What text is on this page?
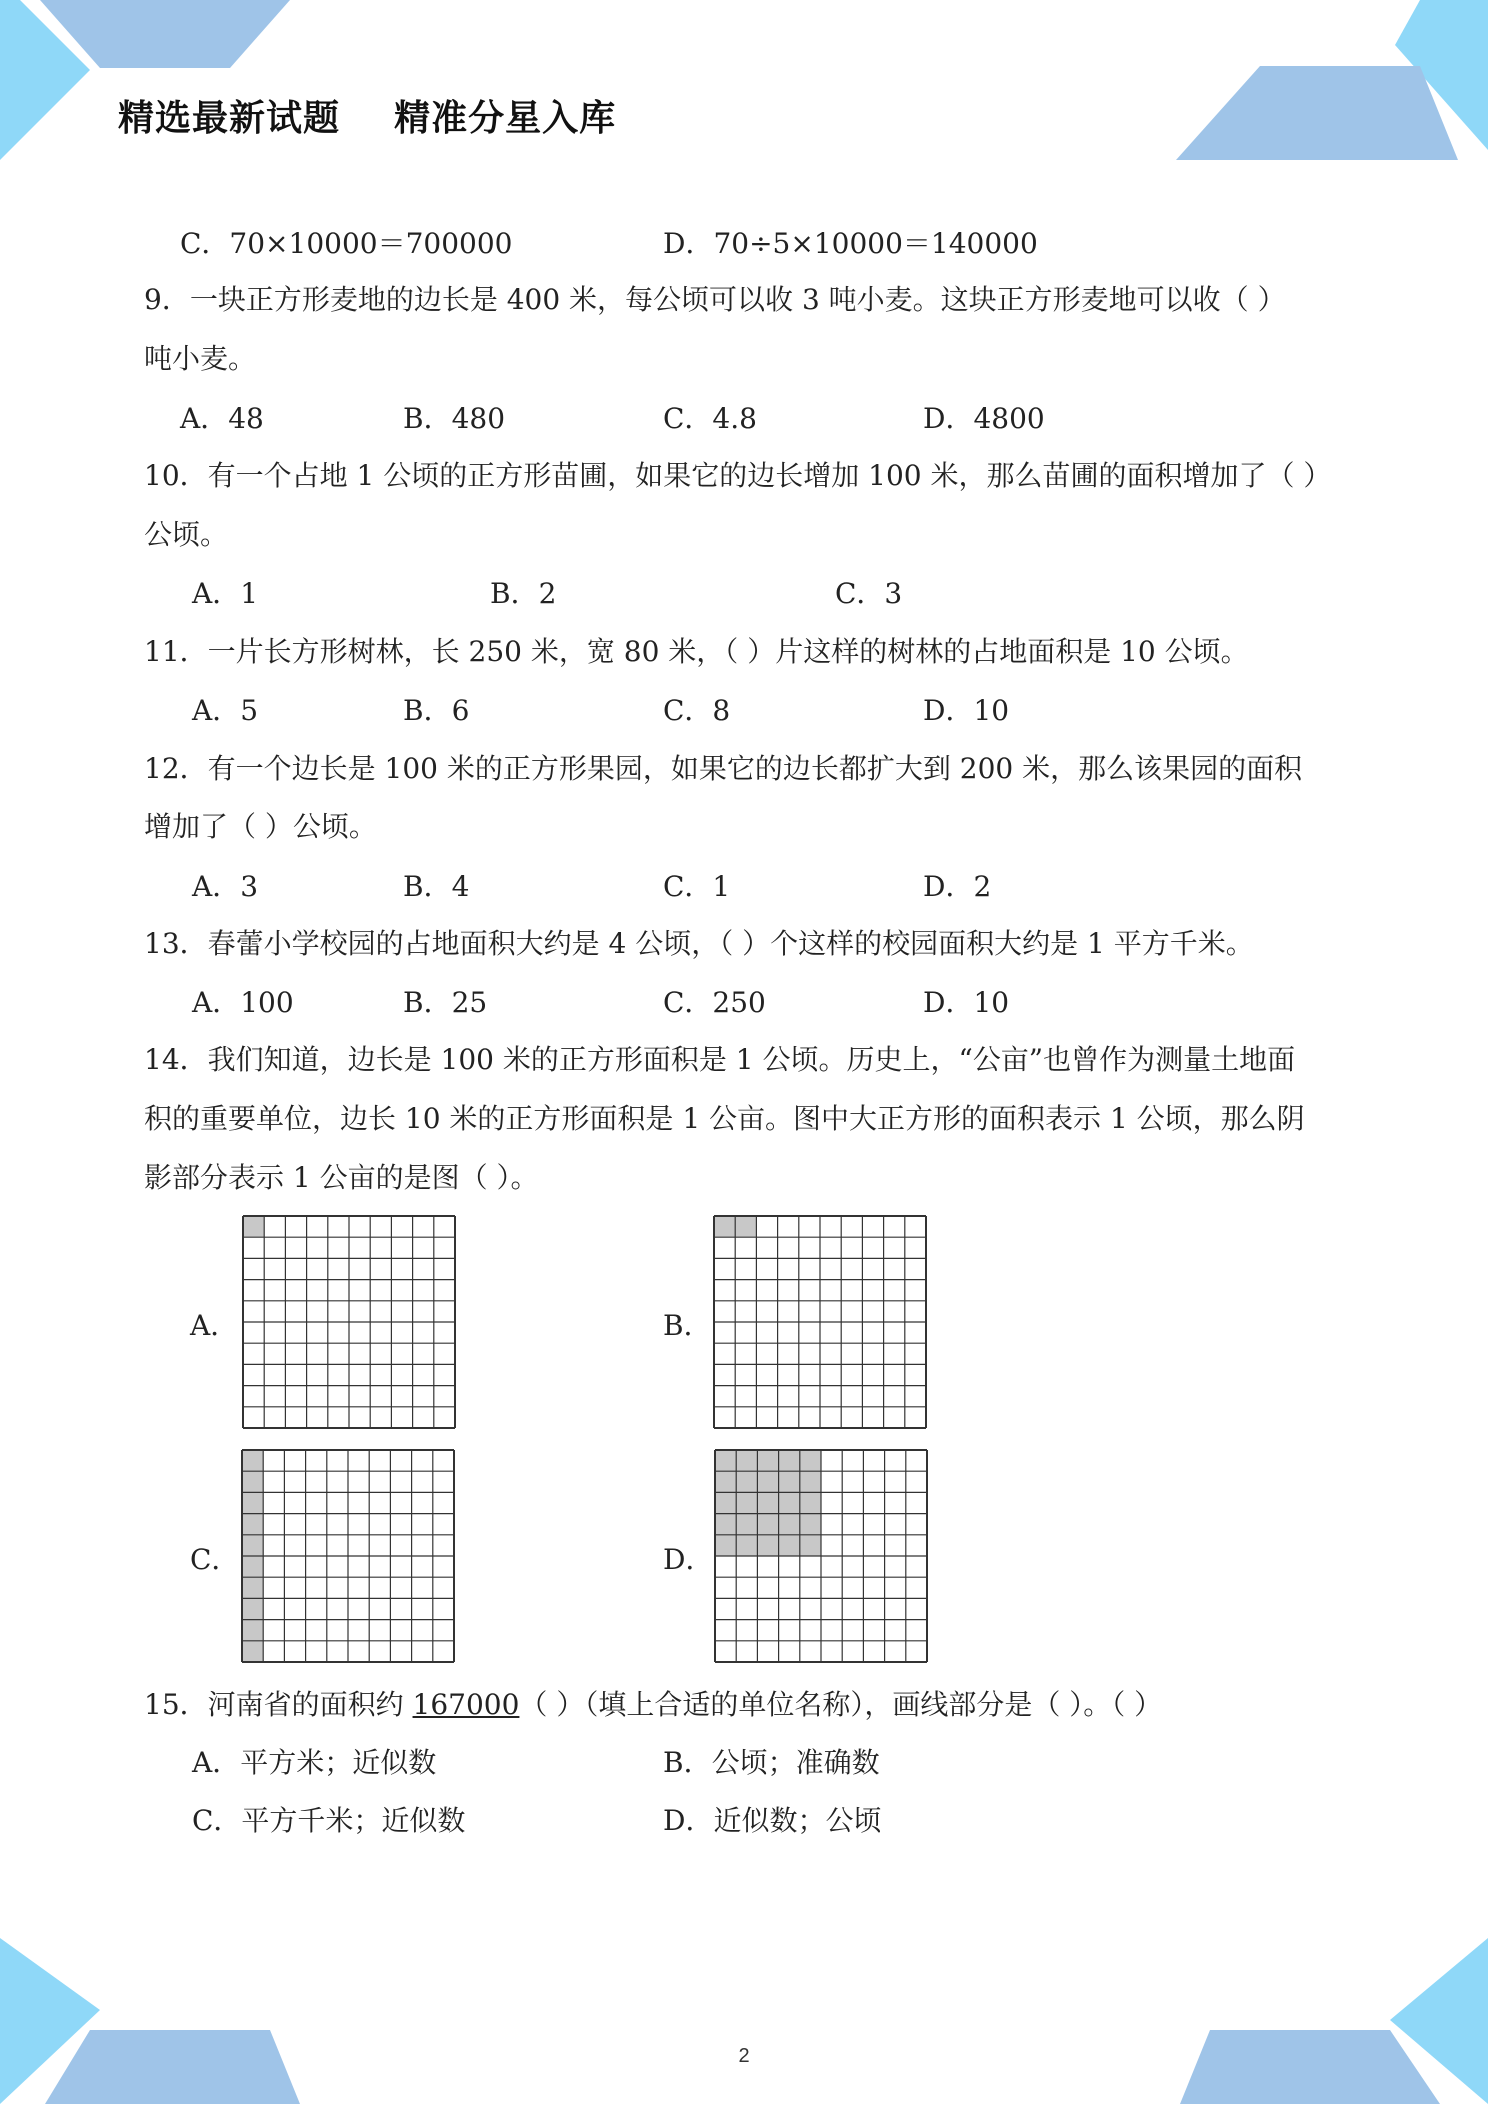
精选最新试题    精准分星入库
C．70×10000＝700000	D．70÷5×10000＝140000
9．一块正方形麦地的边长是 400 米，每公顷可以收 3 吨小麦。这块正方形麦地可以收（ ）
吨小麦。
A．48	B．480	C．4.8	D．4800
10．有一个占地 1 公顷的正方形苗圃，如果它的边长增加 100 米，那么苗圃的面积增加了（ ）
公顷。
A．1	B．2	C．3
11．一片长方形树林，长 250 米，宽 80 米，（ ）片这样的树林的占地面积是 10 公顷。
A．5	B．6	C．8	D．10
12．有一个边长是 100 米的正方形果园，如果它的边长都扩大到 200 米，那么该果园的面积
增加了（ ）公顷。
A．3	B．4	C．1	D．2
13．春蕾小学校园的占地面积大约是 4 公顷，（ ）个这样的校园面积大约是 1 平方千米。
A．100	B．25	C．250	D．10
14．我们知道，边长是 100 米的正方形面积是 1 公顷。历史上，“公亩”也曾作为测量土地面
积的重要单位，边长 10 米的正方形面积是 1 公亩。图中大正方形的面积表示 1 公顷，那么阴
影部分表示 1 公亩的是图（ ）。
A．	B．
C．	D．
15．河南省的面积约 167000（ ）（填上合适的单位名称），画线部分是（ ）。（ ）
A．平方米；近似数	B．公顷；准确数
C．平方千米；近似数	D．近似数；公顷
2
